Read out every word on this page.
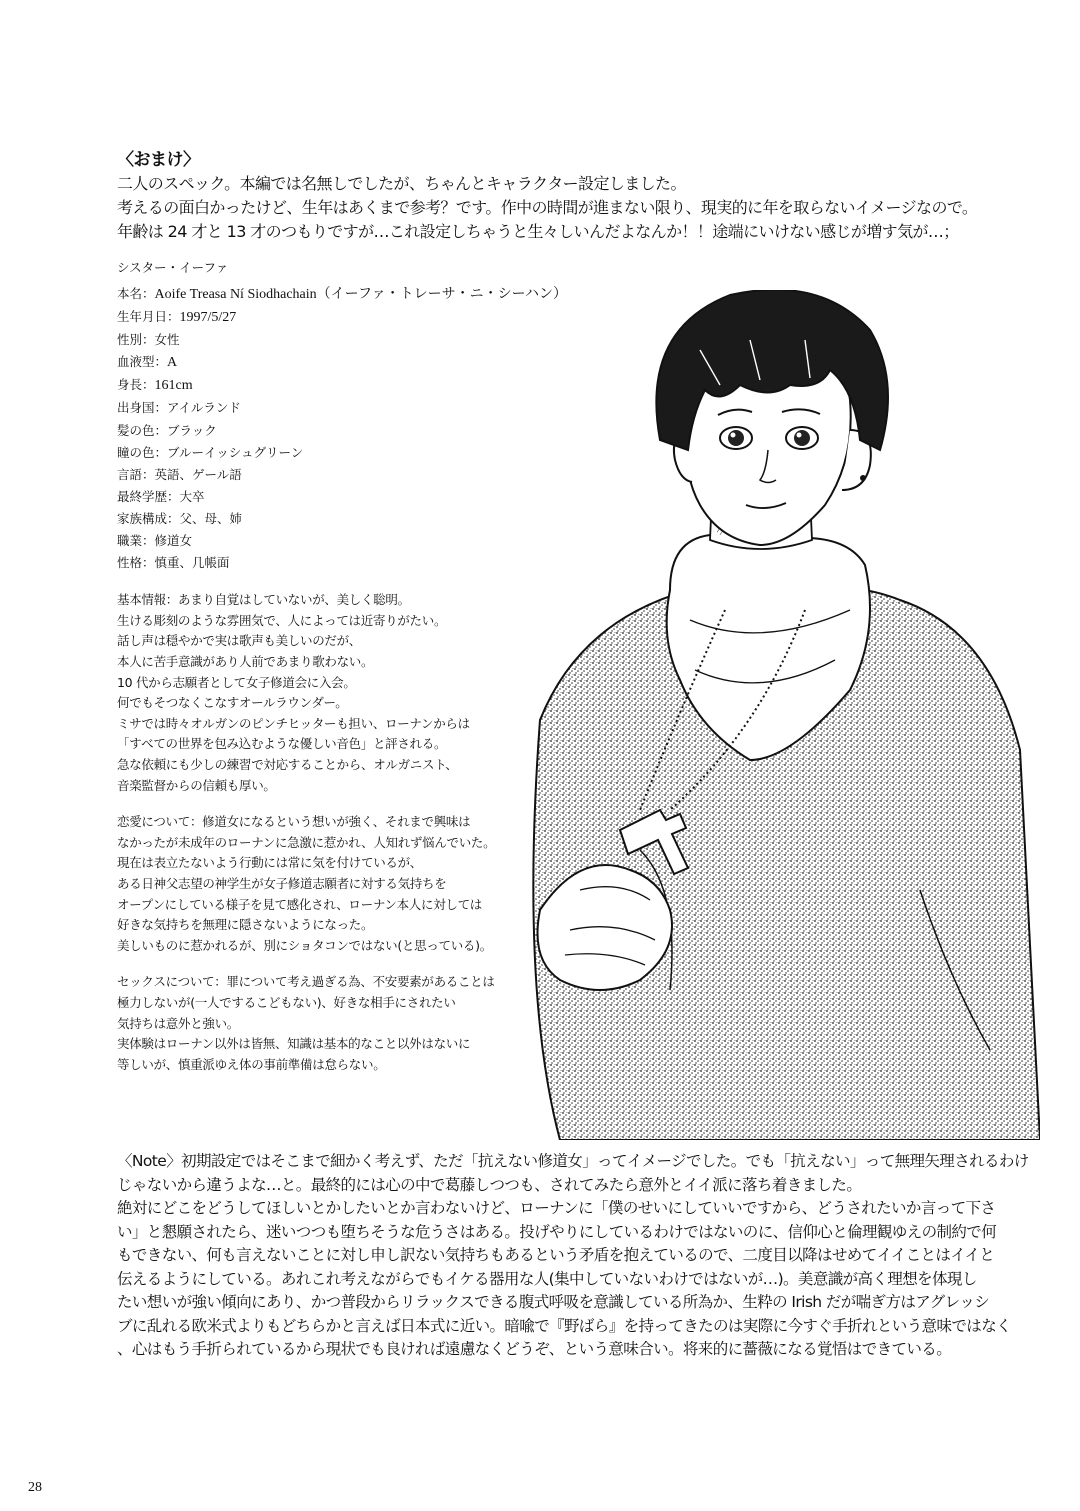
〈おまけ〉
二人のスペック。本編では名無しでしたが、ちゃんとキャラクター設定しました。
考えるの面白かったけど、生年はあくまで参考？です。作中の時間が進まない限り、現実的に年を取らないイメージなので。
年齢は 24 才と 13 才のつもりですが…これ設定しちゃうと生々しいんだよなんか！！途端にいけない感じが増す気が…；
シスター・イーファ
本名：Aoife Treasa Ní Siodhachain（イーファ・トレーサ・ニ・シーハン）
生年月日：1997/5/27
性別：女性
血液型：A
身長：161cm
出身国：アイルランド
髪の色：ブラック
瞳の色：ブルーイッシュグリーン
言語：英語、ゲール語
最終学歴：大卒
家族構成：父、母、姉
職業：修道女
性格：慎重、几帳面
基本情報：あまり自覚はしていないが、美しく聡明。
生ける彫刻のような雰囲気で、人によっては近寄りがたい。
話し声は穏やかで実は歌声も美しいのだが、
本人に苦手意識があり人前であまり歌わない。
10 代から志願者として女子修道会に入会。
何でもそつなくこなすオールラウンダー。
ミサでは時々オルガンのピンチヒッターも担い、ローナンからは
「すべての世界を包み込むような優しい音色」と評される。
急な依頼にも少しの練習で対応することから、オルガニスト、
音楽監督からの信頼も厚い。
恋愛について：修道女になるという想いが強く、それまで興味は
なかったが未成年のローナンに急激に惹かれ、人知れず悩んでいた。
現在は表立たないよう行動には常に気を付けているが、
ある日神父志望の神学生が女子修道志願者に対する気持ちを
オープンにしている様子を見て感化され、ローナン本人に対しては
好きな気持ちを無理に隠さないようになった。
美しいものに惹かれるが、別にショタコンではない(と思っている)。
セックスについて：罪について考え過ぎる為、不安要素があることは
極力しないが(一人でするこどもない)、好きな相手にされたい
気持ちは意外と強い。
実体験はローナン以外は皆無、知識は基本的なこと以外はないに
等しいが、慎重派ゆえ体の事前準備は怠らない。
〈Note〉初期設定ではそこまで細かく考えず、ただ「抗えない修道女」ってイメージでした。でも「抗えない」って無理矢理されるわけ
じゃないから違うよな…と。最終的には心の中で葛藤しつつも、されてみたら意外とイイ派に落ち着きました。
絶対にどこをどうしてほしいとかしたいとか言わないけど、ローナンに「僕のせいにしていいですから、どうされたいか言って下さ
い」と懇願されたら、迷いつつも堕ちそうな危うさはある。投げやりにしているわけではないのに、信仰心と倫理観ゆえの制約で何
もできない、何も言えないことに対し申し訳ない気持ちもあるという矛盾を抱えているので、二度目以降はせめてイイことはイイと
伝えるようにしている。あれこれ考えながらでもイケる器用な人(集中していないわけではないが…)。美意識が高く理想を体現し
たい想いが強い傾向にあり、かつ普段からリラックスできる腹式呼吸を意識している所為か、生粋の Irish だが喘ぎ方はアグレッシ
ブに乱れる欧米式よりもどちらかと言えば日本式に近い。暗喩で『野ばら』を持ってきたのは実際に今すぐ手折れという意味ではなく
、心はもう手折られているから現状でも良ければ遠慮なくどうぞ、という意味合い。将来的に薔薇になる覚悟はできている。
28
